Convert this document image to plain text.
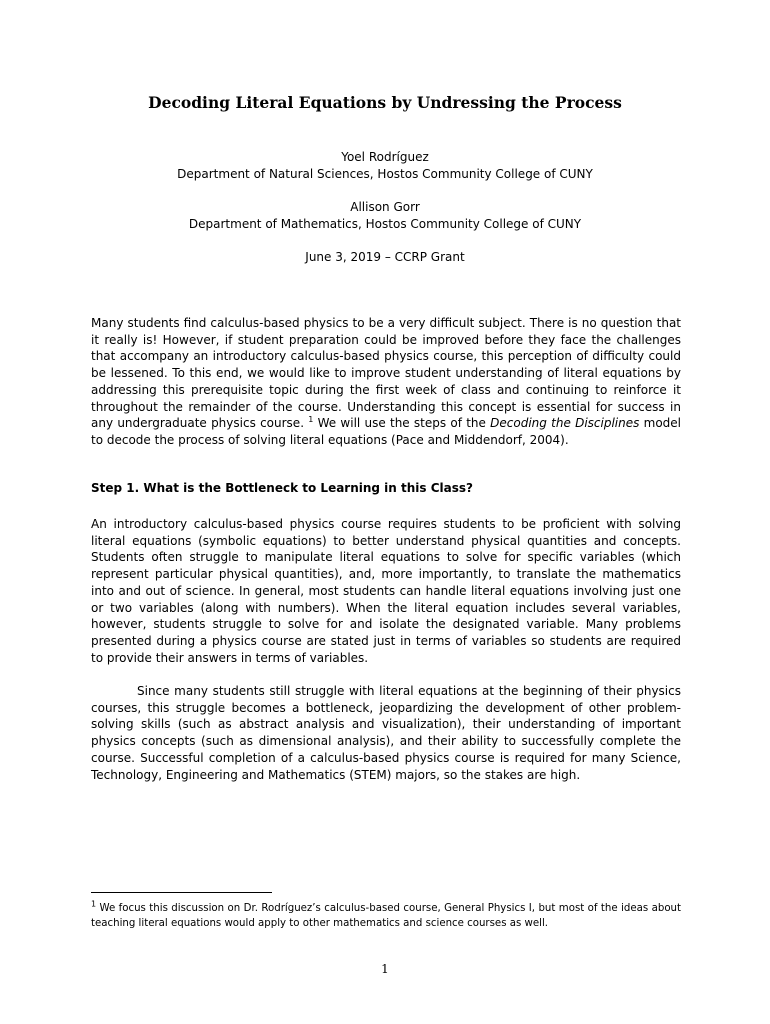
Decoding Literal Equations by Undressing the Process
Yoel Rodríguez
Department of Natural Sciences, Hostos Community College of CUNY
Allison Gorr
Department of Mathematics, Hostos Community College of CUNY
June 3, 2019 – CCRP Grant

Many students find calculus-based physics to be a very difficult subject. There is no question that it really is! However, if student preparation could be improved before they face the challenges that accompany an introductory calculus-based physics course, this perception of difficulty could be lessened. To this end, we would like to improve student understanding of literal equations by addressing this prerequisite topic during the first week of class and continuing to reinforce it throughout the remainder of the course. Understanding this concept is essential for success in any undergraduate physics course. $^1$ We will use the steps of the Decoding the Disciplines model to decode the process of solving literal equations (Pace and Middendorf, 2004).

Step 1. What is the Bottleneck to Learning in this Class?

An introductory calculus-based physics course requires students to be proficient with solving literal equations (symbolic equations) to better understand physical quantities and concepts. Students often struggle to manipulate literal equations to solve for specific variables (which represent particular physical quantities), and, more importantly, to translate the mathematics into and out of science. In general, most students can handle literal equations involving just one or two variables (along with numbers). When the literal equation includes several variables, however, students struggle to solve for and isolate the designated variable. Many problems presented during a physics course are stated just in terms of variables so students are required to provide their answers in terms of variables.

Since many students still struggle with literal equations at the beginning of their physics courses, this struggle becomes a bottleneck, jeopardizing the development of other problem-solving skills (such as abstract analysis and visualization), their understanding of important physics concepts (such as dimensional analysis), and their ability to successfully complete the course. Successful completion of a calculus-based physics course is required for many Science, Technology, Engineering and Mathematics (STEM) majors, so the stakes are high.

$^1$ We focus this discussion on Dr. Rodríguez’s calculus-based course, General Physics I, but most of the ideas about teaching literal equations would apply to other mathematics and science courses as well.

1
